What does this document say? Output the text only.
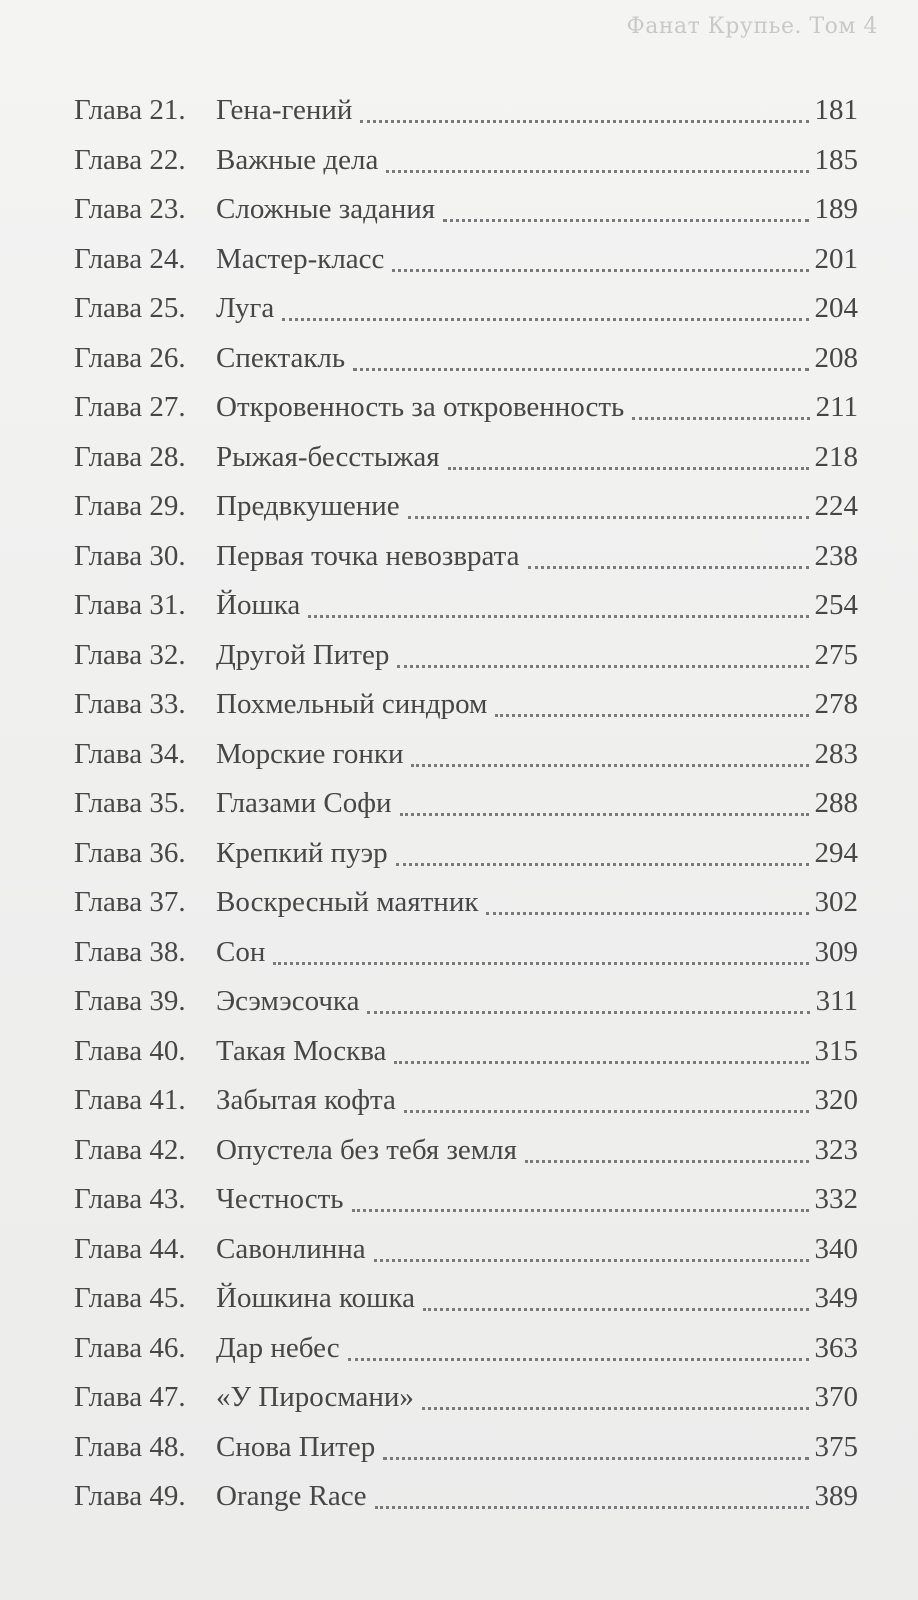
Фанат Крупье. Том 4
Глава 21.	Гена-гений	181
Глава 22.	Важные дела	185
Глава 23.	Сложные задания	189
Глава 24.	Мастер-класс	201
Глава 25.	Луга	204
Глава 26.	Спектакль	208
Глава 27.	Откровенность за откровенность	211
Глава 28.	Рыжая-бесстыжая	218
Глава 29.	Предвкушение	224
Глава 30.	Первая точка невозврата	238
Глава 31.	Йошка	254
Глава 32.	Другой Питер	275
Глава 33.	Похмельный синдром	278
Глава 34.	Морские гонки	283
Глава 35.	Глазами Софи	288
Глава 36.	Крепкий пуэр	294
Глава 37.	Воскресный маятник	302
Глава 38.	Сон	309
Глава 39.	Эсэмэсочка	311
Глава 40.	Такая Москва	315
Глава 41.	Забытая кофта	320
Глава 42.	Опустела без тебя земля	323
Глава 43.	Честность	332
Глава 44.	Савонлинна	340
Глава 45.	Йошкина кошка	349
Глава 46.	Дар небес	363
Глава 47.	«У Пиросмани»	370
Глава 48.	Снова Питер	375
Глава 49.	Orange Race	389
